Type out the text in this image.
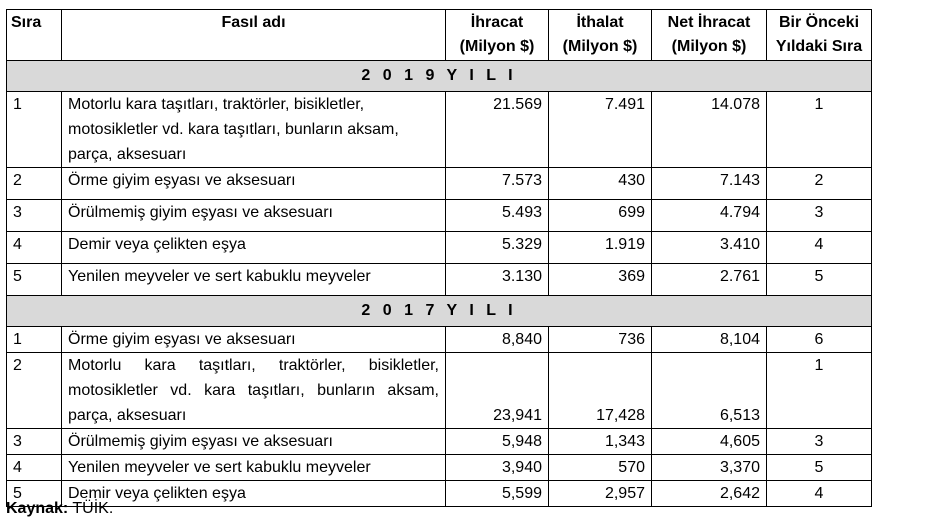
Sıra	Fasıl adı	İhracat (Milyon $)	İthalat (Milyon $)	Net İhracat (Milyon $)	Bir Önceki Yıldaki Sıra
2 0 1 9 Y I L I					
1	Motorlu kara taşıtları, traktörler, bisikletler, motosikletler vd. kara taşıtları, bunların aksam, parça, aksesuarı	21.569	7.491	14.078	1
2	Örme giyim eşyası ve aksesuarı	7.573	430	7.143	2
3	Örülmemiş giyim eşyası ve aksesuarı	5.493	699	4.794	3
4	Demir veya çelikten eşya	5.329	1.919	3.410	4
5	Yenilen meyveler ve sert kabuklu meyveler	3.130	369	2.761	5
2 0 1 7 Y I L I					
1	Örme giyim eşyası ve aksesuarı	8,840	736	8,104	6
2	Motorlu kara taşıtları, traktörler, bisikletler, motosikletler vd. kara taşıtları, bunların aksam, parça, aksesuarı	23,941	17,428	6,513	1
3	Örülmemiş giyim eşyası ve aksesuarı	5,948	1,343	4,605	3
4	Yenilen meyveler ve sert kabuklu meyveler	3,940	570	3,370	5
5	Demir veya çelikten eşya	5,599	2,957	2,642	4
Kaynak: TÜİK.
